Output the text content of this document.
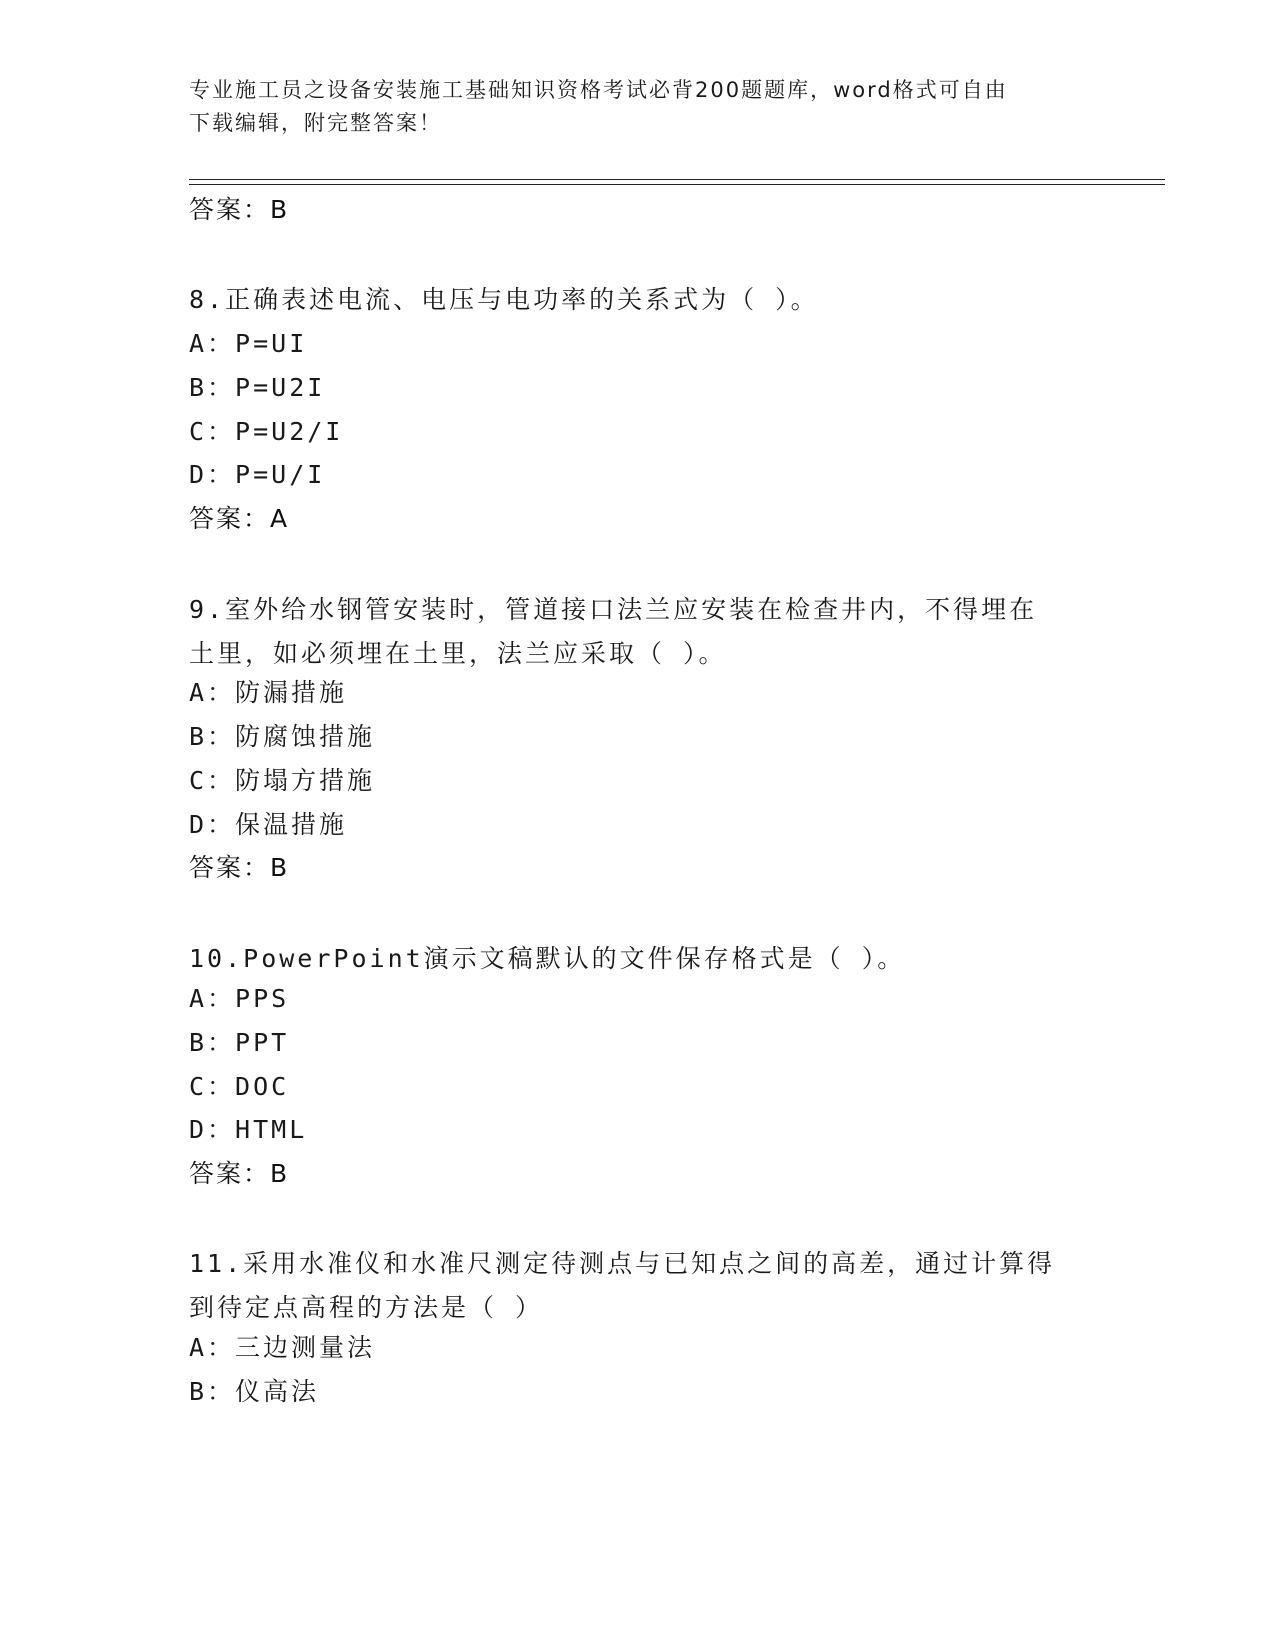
专业施工员之设备安装施工基础知识资格考试必背200题题库，word格式可自由
下载编辑，附完整答案！
答案：B
8.正确表述电流、电压与电功率的关系式为（ ）。
A：P=UI
B：P=U2I
C：P=U2/I
D：P=U/I
答案：A
9.室外给水钢管安装时，管道接口法兰应安装在检查井内，不得埋在
土里，如必须埋在土里，法兰应采取（ ）。
A：防漏措施
B：防腐蚀措施
C：防塌方措施
D：保温措施
答案：B
10.PowerPoint演示文稿默认的文件保存格式是（ ）。
A：PPS
B：PPT
C：DOC
D：HTML
答案：B
11.采用水准仪和水准尺测定待测点与已知点之间的高差，通过计算得
到待定点高程的方法是（ ）
A：三边测量法
B：仪高法
